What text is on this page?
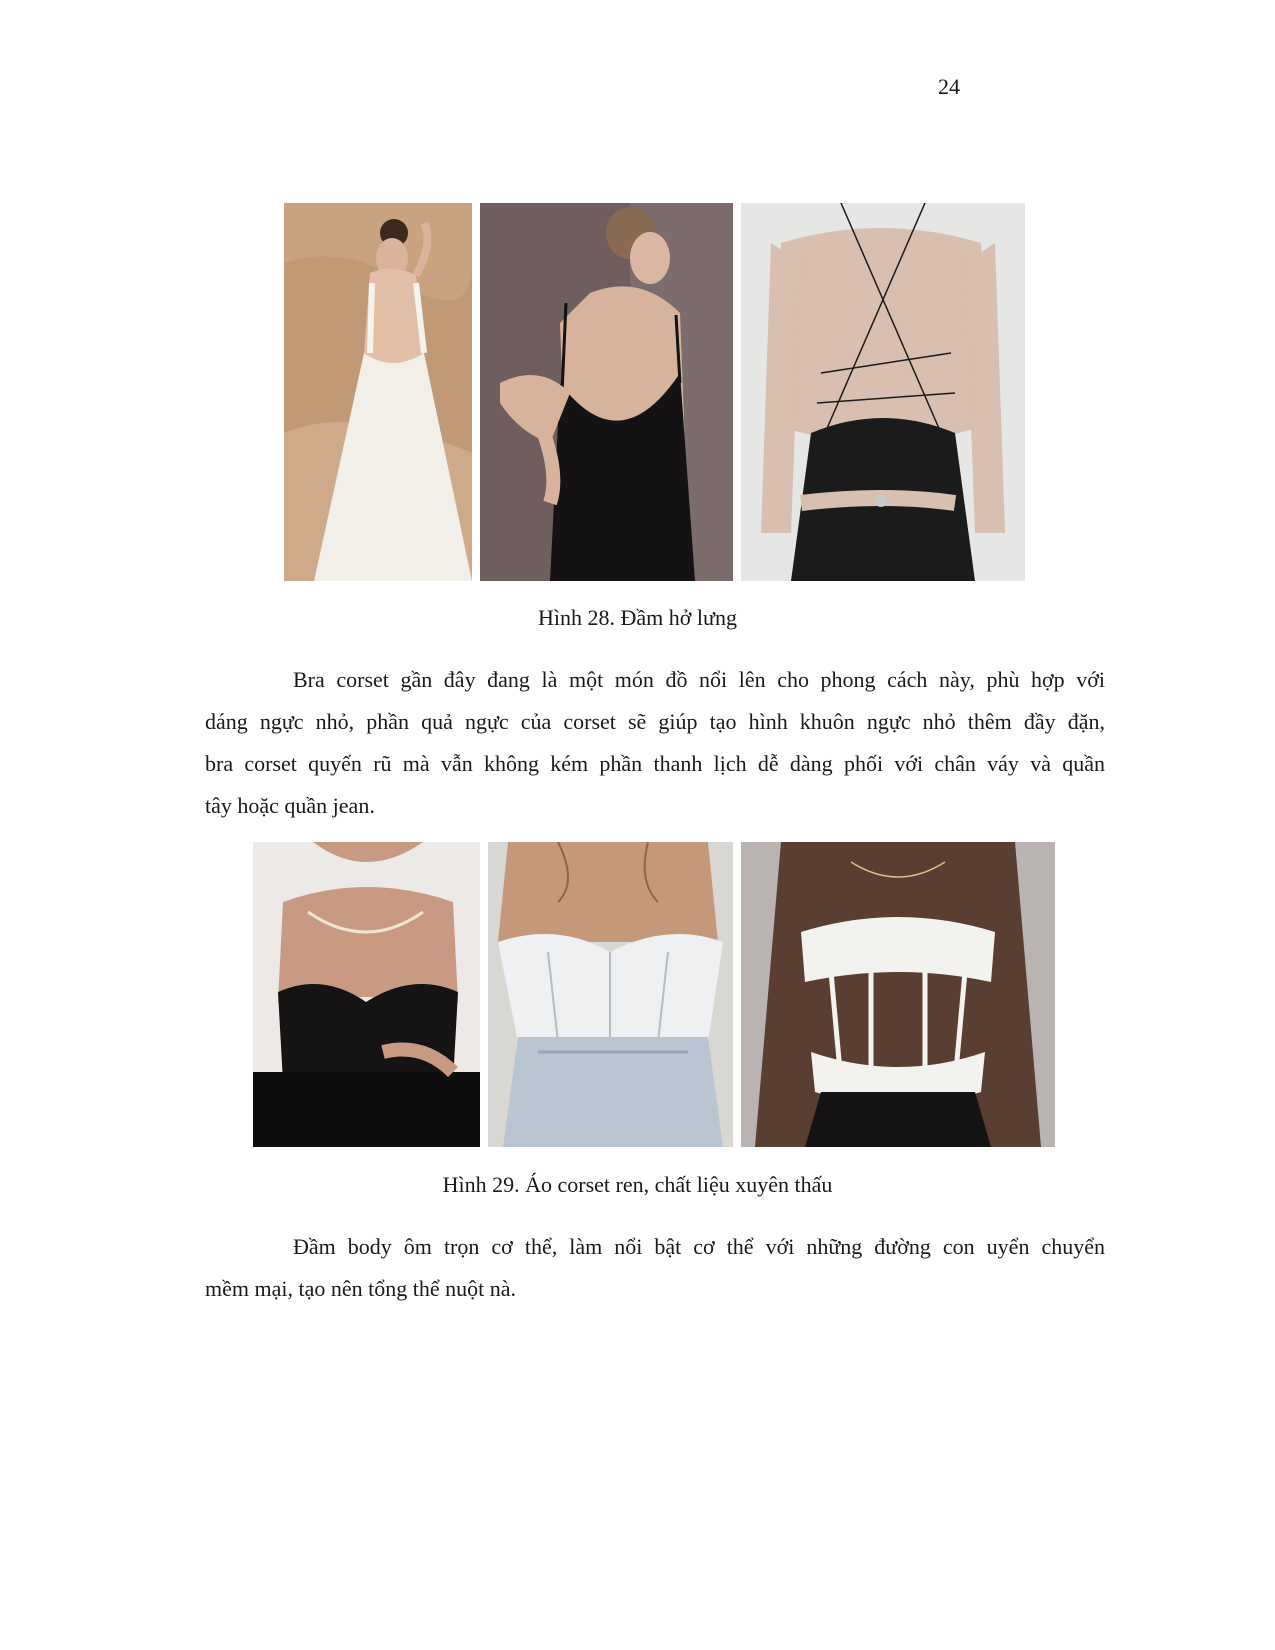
24
Hình 28. Đầm hở lưng

Bra corset gần đây đang là một món đồ nổi lên cho phong cách này, phù hợp với
dáng ngực nhỏ, phần quả ngực của corset sẽ giúp tạo hình khuôn ngực nhỏ thêm đầy đặn,
bra corset quyến rũ mà vẫn không kém phần thanh lịch dễ dàng phối với chân váy và quần
tây hoặc quần jean.

Hình 29. Áo corset ren, chất liệu xuyên thấu

Đầm body ôm trọn cơ thể, làm nổi bật cơ thể với những đường con uyển chuyển
mềm mại, tạo nên tổng thể nuột nà.
